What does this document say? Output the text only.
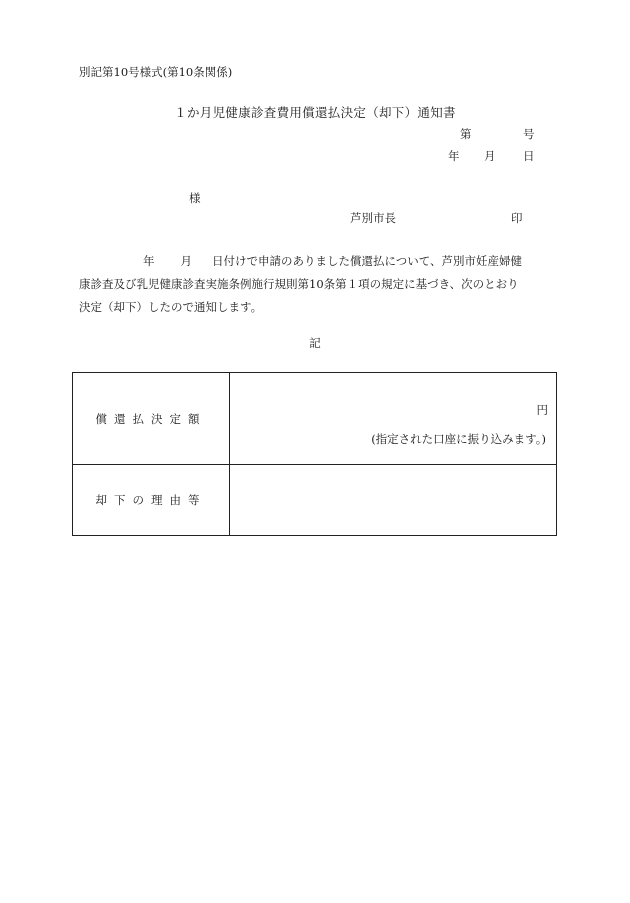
別記第10号様式(第10条関係)
１か月児健康診査費用償還払決定（却下）通知書
第	号
年 月 日
様
芦別市長	印
年 月 日付けで申請のありました償還払について、芦別市妊産婦健
康診査及び乳児健康診査実施条例施行規則第10条第１項の規定に基づき、次のとおり
決定（却下）したので通知します。
記
償還払決定額	円
(指定された口座に振り込みます。)

却下の理由等	
